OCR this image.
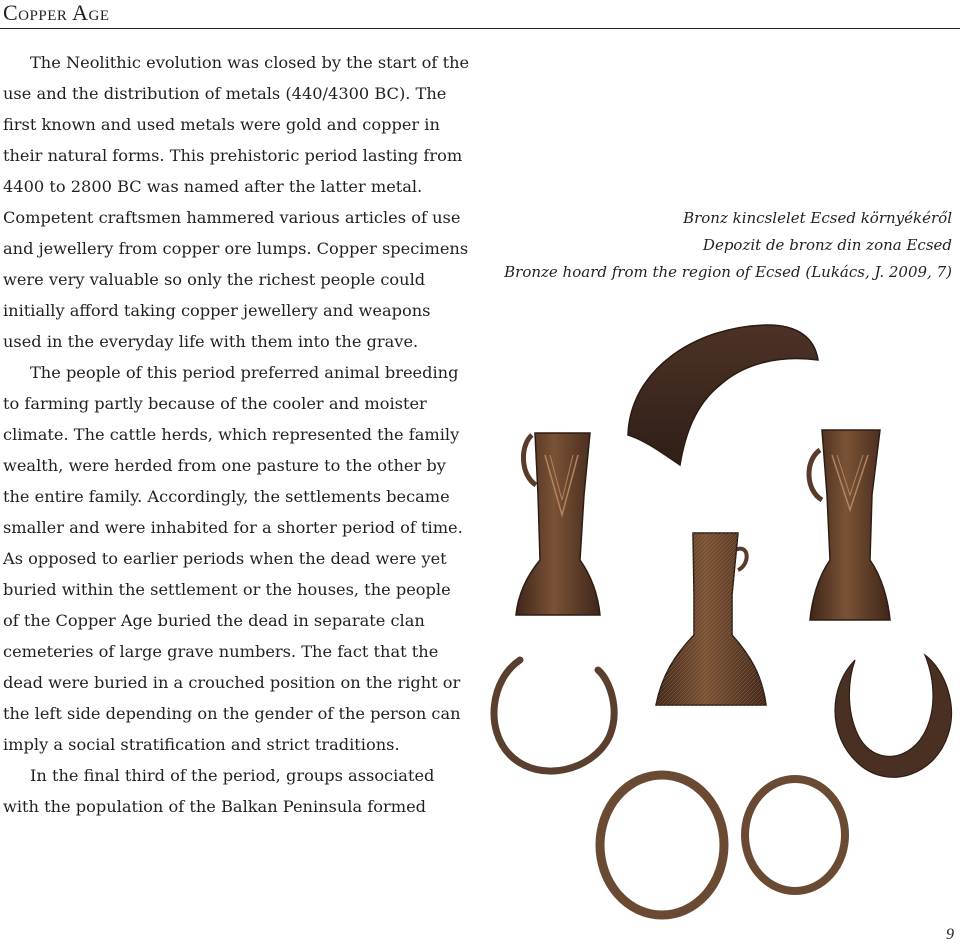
Copper Age

The Neolithic evolution was closed by the start of the use and the distribution of metals (440/4300 BC). The first known and used metals were gold and copper in their natural forms. This prehistoric period lasting from 4400 to 2800 BC was named after the latter metal. Competent craftsmen hammered various articles of use and jewellery from copper ore lumps. Copper specimens were very valuable so only the richest people could initially afford taking copper jewellery and weapons used in the everyday life with them into the grave.

The people of this period preferred animal breeding to farming partly because of the cooler and moister climate. The cattle herds, which represented the family wealth, were herded from one pasture to the other by the entire family. Accordingly, the settlements became smaller and were inhabited for a shorter period of time. As opposed to earlier periods when the dead were yet buried within the settlement or the houses, the people of the Copper Age buried the dead in separate clan cemeteries of large grave numbers. The fact that the dead were buried in a crouched position on the right or the left side depending on the gender of the person can imply a social stratification and strict traditions.

In the final third of the period, groups associated with the population of the Balkan Peninsula formed

Bronz kincslelet Ecsed környékéről
Depozit de bronz din zona Ecsed
Bronze hoard from the region of Ecsed (Lukács, J. 2009, 7)
9
